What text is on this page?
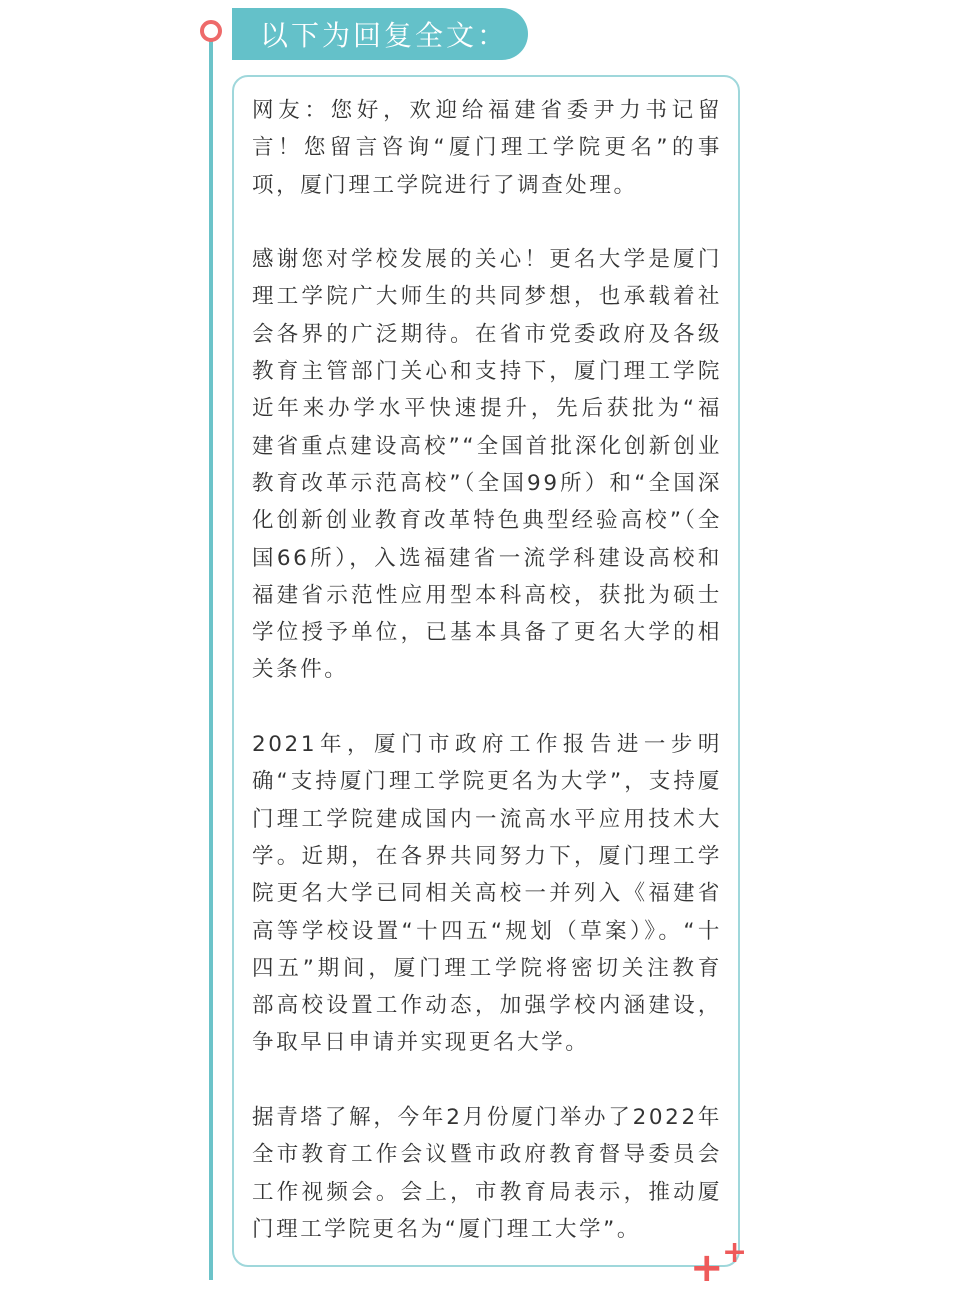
以下为回复全文：

网友：您好，欢迎给福建省委尹力书记留言！您留言咨询“厦门理工学院更名”的事项，厦门理工学院进行了调查处理。

感谢您对学校发展的关心！更名大学是厦门理工学院广大师生的共同梦想，也承载着社会各界的广泛期待。在省市党委政府及各级教育主管部门关心和支持下，厦门理工学院近年来办学水平快速提升，先后获批为“福建省重点建设高校”“全国首批深化创新创业教育改革示范高校”（全国99所）和“全国深化创新创业教育改革特色典型经验高校”（全国66所），入选福建省一流学科建设高校和福建省示范性应用型本科高校，获批为硕士学位授予单位，已基本具备了更名大学的相关条件。

2021年，厦门市政府工作报告进一步明确“支持厦门理工学院更名为大学”，支持厦门理工学院建成国内一流高水平应用技术大学。近期，在各界共同努力下，厦门理工学院更名大学已同相关高校一并列入《福建省高等学校设置“十四五“规划（草案）》。“十四五”期间，厦门理工学院将密切关注教育部高校设置工作动态，加强学校内涵建设，争取早日申请并实现更名大学。

据青塔了解，今年2月份厦门举办了2022年全市教育工作会议暨市政府教育督导委员会工作视频会。会上，市教育局表示，推动厦门理工学院更名为“厦门理工大学”。

+
+
